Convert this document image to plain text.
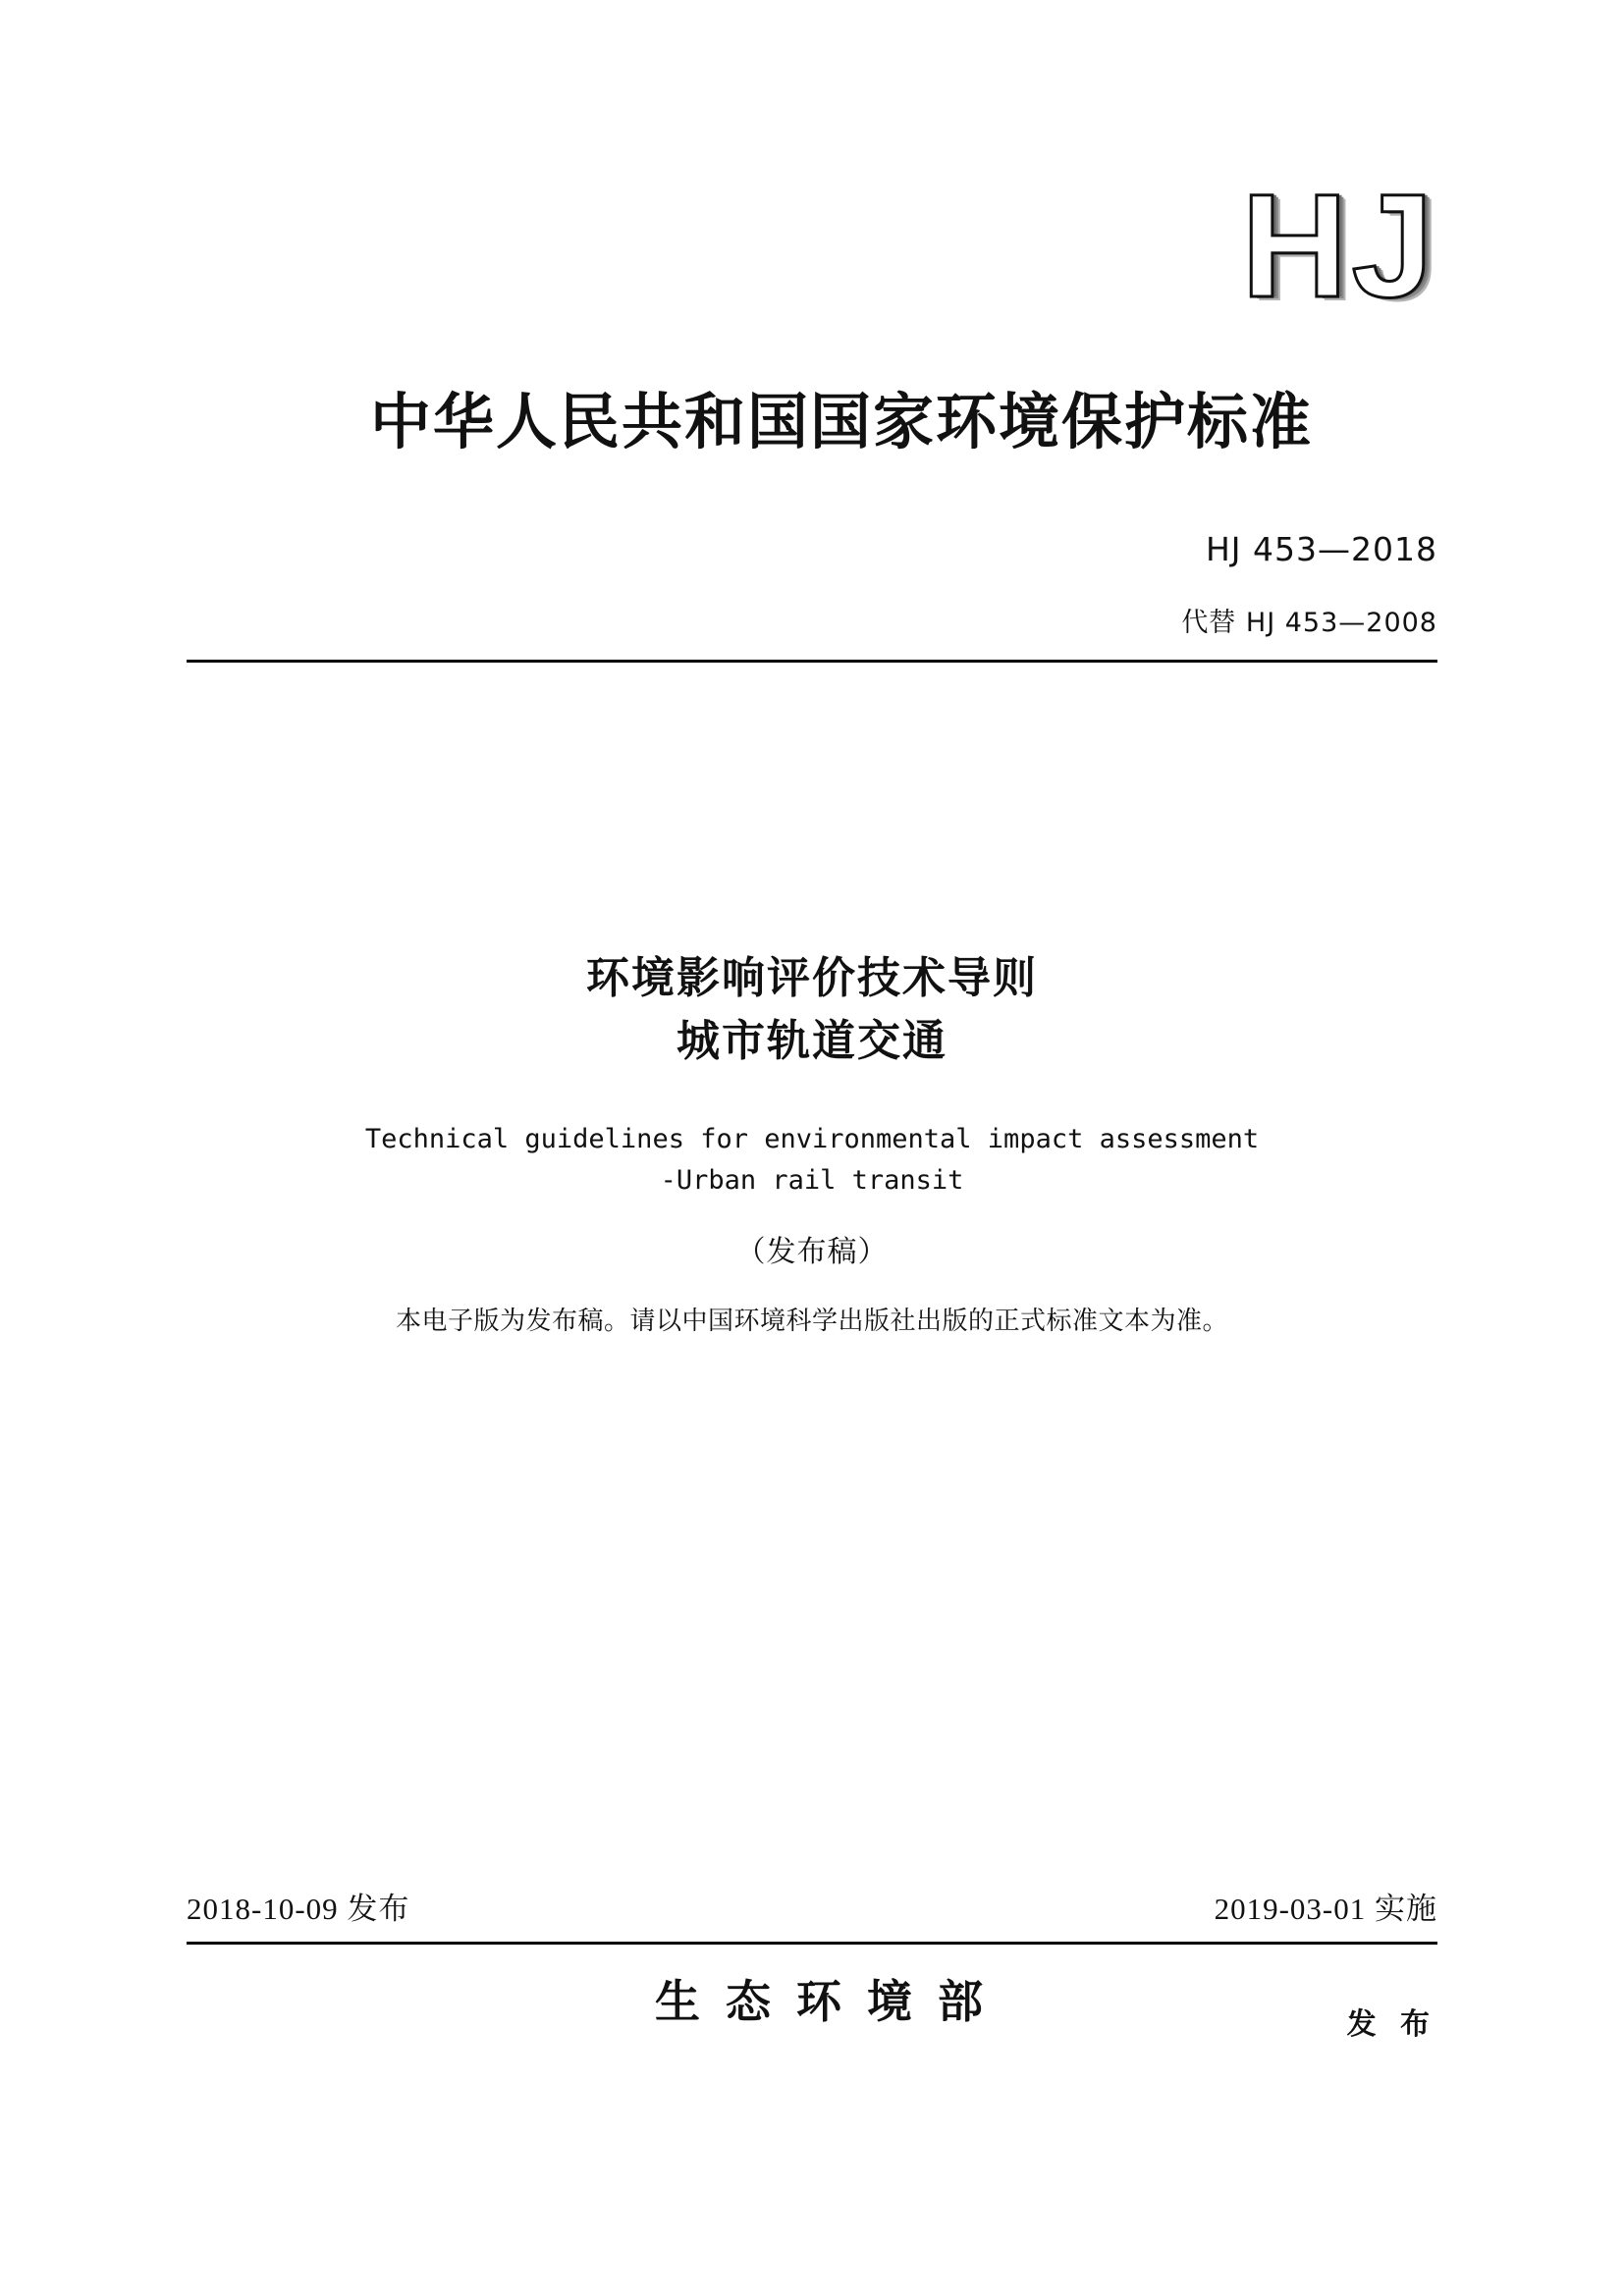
HJ
中华人民共和国国家环境保护标准
HJ 453—2018
代替 HJ 453—2008
环境影响评价技术导则
城市轨道交通
Technical guidelines for environmental impact assessment
-Urban rail transit
（发布稿）
本电子版为发布稿。请以中国环境科学出版社出版的正式标准文本为准。
2018-10-09 发布	2019-03-01 实施
生态环境部	发 布
